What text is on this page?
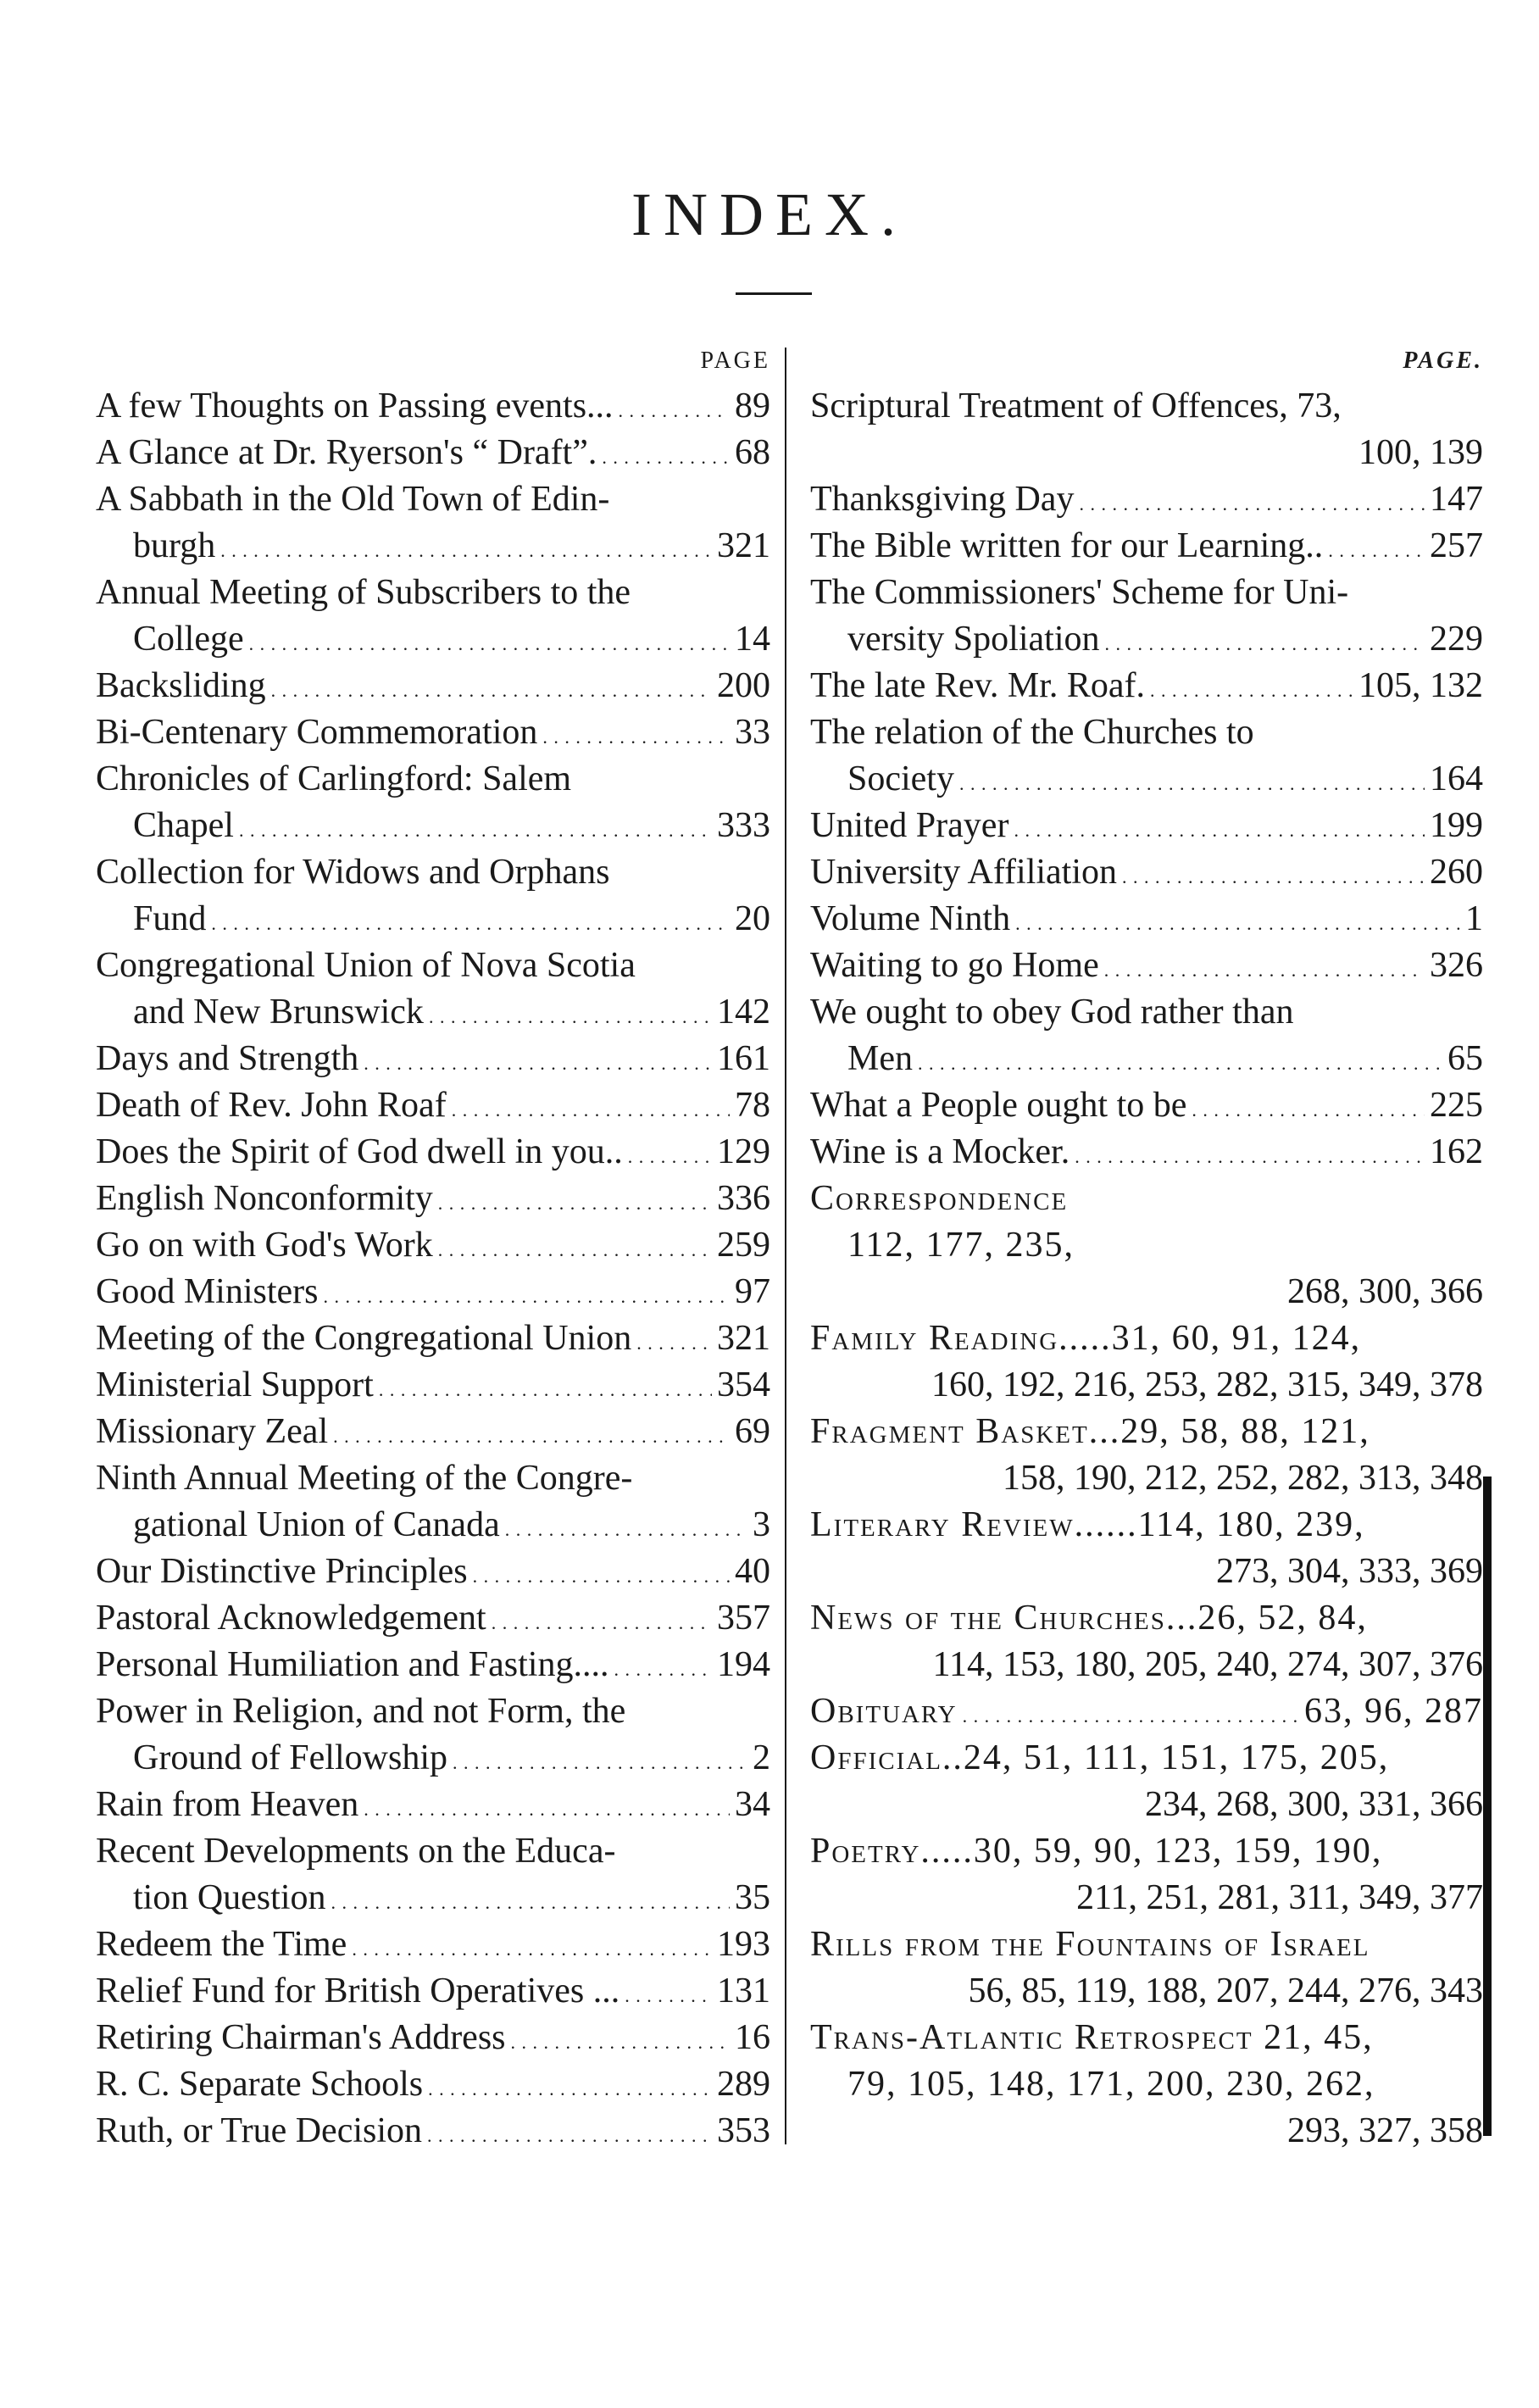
INDEX.
PAGE
A few Thoughts on Passing events... . . .	89
A Glance at Dr. Ryerson's “ Draft”. . . .	68
A Sabbath in the Old Town of Edin-
burgh . . .	321
Annual Meeting of Subscribers to the
College . . .	14
Backsliding . . .	200
Bi-Centenary Commemoration . . .	33
Chronicles of Carlingford: Salem
Chapel . . .	333
Collection for Widows and Orphans
Fund . . .	20
Congregational Union of Nova Scotia
and New Brunswick . . .	142
Days and Strength . . .	161
Death of Rev. John Roaf . . .	78
Does the Spirit of God dwell in you.. . . .	129
English Nonconformity . . .	336
Go on with God's Work . . .	259
Good Ministers . . .	97
Meeting of the Congregational Union . . . 321
Ministerial Support . . .	354
Missionary Zeal . . .	69
Ninth Annual Meeting of the Congre-
gational Union of Canada . . .	3
Our Distinctive Principles . . .	40
Pastoral Acknowledgement . . .	357
Personal Humiliation and Fasting.... . . .	194
Power in Religion, and not Form, the
Ground of Fellowship . . .	2
Rain from Heaven . . .	34
Recent Developments on the Educa-
tion Question . . .	35
Redeem the Time . . .	193
Relief Fund for British Operatives ... . . .	131
Retiring Chairman's Address . . .	16
R. C. Separate Schools . . .	289
Ruth, or True Decision . . .	353
PAGE.
Scriptural Treatment of Offences, 73,
100, 139
Thanksgiving Day . . .	147
The Bible written for our Learning.. . . .	257
The Commissioners' Scheme for Uni-
versity Spoliation . . .	229
The late Rev. Mr. Roaf. . . .	105, 132
The relation of the Churches to
Society . . .	164
United Prayer . . .	199
University Affiliation . . .	260
Volume Ninth . . .	1
Waiting to go Home . . .	326
We ought to obey God rather than
Men . . .	65
What a People ought to be . . .	225
Wine is a Mocker. . . .	162
Correspondence
112, 177, 235,
268, 300, 366
Family Reading.....31, 60, 91, 124,
160, 192, 216, 253, 282, 315, 349, 378
Fragment Basket...29, 58, 88, 121,
158, 190, 212, 252, 282, 313, 348
Literary Review......114, 180, 239,
273, 304, 333, 369
News of the Churches...26, 52, 84,
114, 153, 180, 205, 240, 274, 307, 376
Obituary . . .	63, 96, 287
Official..24, 51, 111, 151, 175, 205,
234, 268, 300, 331, 366
Poetry.....30, 59, 90, 123, 159, 190,
211, 251, 281, 311, 349, 377
Rills from the Fountains of Israel
56, 85, 119, 188, 207, 244, 276, 343
Trans-Atlantic Retrospect 21, 45,
79, 105, 148, 171, 200, 230, 262,
293, 327, 358
